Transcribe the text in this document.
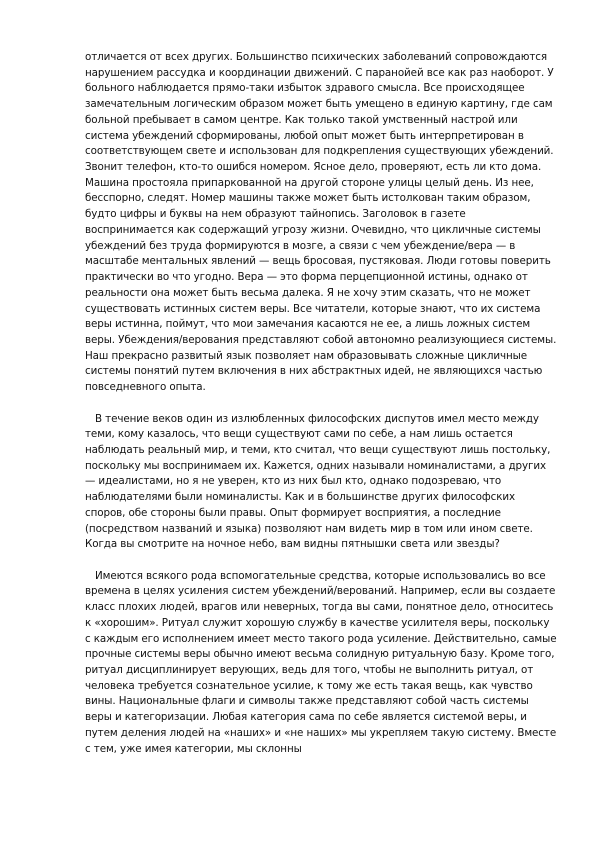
отличается от всех других. Большинство психических заболеваний сопровождаются нарушением рассудка и координации движений. С паранойей все как раз наоборот. У больного наблюдается прямо-таки избыток здравого смысла. Все происходящее замечательным логическим образом может быть умещено в единую картину, где сам больной пребывает в самом центре. Как только такой умственный настрой или система убеждений сформированы, любой опыт может быть интерпретирован в соответствующем свете и использован для подкрепления существующих убеждений. Звонит телефон, кто-то ошибся номером. Ясное дело, проверяют, есть ли кто дома. Машина простояла припаркованной на другой стороне улицы целый день. Из нее, бесспорно, следят. Номер машины также может быть истолкован таким образом, будто цифры и буквы на нем образуют тайнопись. Заголовок в газете воспринимается как содержащий угрозу жизни. Очевидно, что цикличные системы убеждений без труда формируются в мозге, а связи с чем убеждение/вера — в масштабе ментальных явлений — вещь бросовая, пустяковая. Люди готовы поверить практически во что угодно. Вера — это форма перцепционной истины, однако от реальности она может быть весьма далека. Я не хочу этим сказать, что не может существовать истинных систем веры. Все читатели, которые знают, что их система веры истинна, поймут, что мои замечания касаются не ее, а лишь ложных систем веры. Убеждения/верования представляют собой автономно реализующиеся системы. Наш прекрасно развитый язык позволяет нам образовывать сложные цикличные системы понятий путем включения в них абстрактных идей, не являющихся частью повседневного опыта.

В течение веков один из излюбленных философских диспутов имел место между теми, кому казалось, что вещи существуют сами по себе, а нам лишь остается наблюдать реальный мир, и теми, кто считал, что вещи существуют лишь постольку, поскольку мы воспринимаем их. Кажется, одних называли номиналистами, а других — идеалистами, но я не уверен, кто из них был кто, однако подозреваю, что наблюдателями были номиналисты. Как и в большинстве других философских споров, обе стороны были правы. Опыт формирует восприятия, а последние (посредством названий и языка) позволяют нам видеть мир в том или ином свете. Когда вы смотрите на ночное небо, вам видны пятнышки света или звезды?

Имеются всякого рода вспомогательные средства, которые использовались во все времена в целях усиления систем убеждений/верований. Например, если вы создаете класс плохих людей, врагов или неверных, тогда вы сами, понятное дело, относитесь к «хорошим». Ритуал служит хорошую службу в качестве усилителя веры, поскольку с каждым его исполнением имеет место такого рода усиление. Действительно, самые прочные системы веры обычно имеют весьма солидную ритуальную базу. Кроме того, ритуал дисциплинирует верующих, ведь для того, чтобы не выполнить ритуал, от человека требуется сознательное усилие, к тому же есть такая вещь, как чувство вины. Национальные флаги и символы также представляют собой часть системы веры и категоризации. Любая категория сама по себе является системой веры, и путем деления людей на «наших» и «не наших» мы укрепляем такую систему. Вместе с тем, уже имея категории, мы склонны
